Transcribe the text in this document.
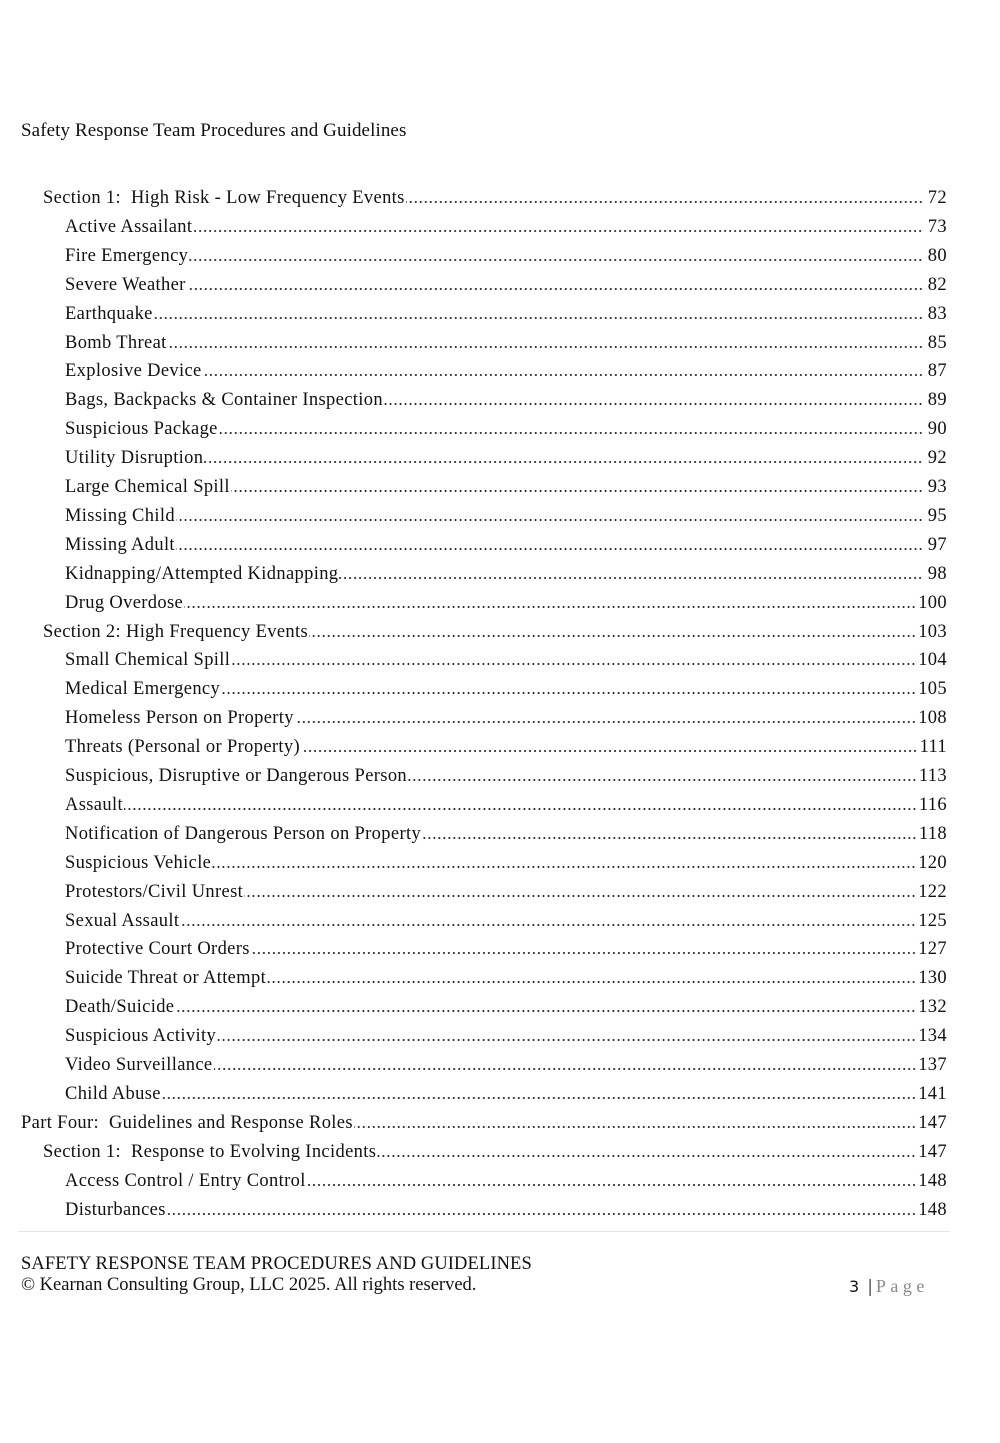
Safety Response Team Procedures and Guidelines
Section 1:  High Risk - Low Frequency Events	72
Active Assailant	73
Fire Emergency	80
Severe Weather	82
Earthquake	83
Bomb Threat	85
Explosive Device	87
Bags, Backpacks & Container Inspection	89
Suspicious Package	90
Utility Disruption	92
Large Chemical Spill	93
Missing Child	95
Missing Adult	97
Kidnapping/Attempted Kidnapping	98
Drug Overdose	100
Section 2: High Frequency Events	103
Small Chemical Spill	104
Medical Emergency	105
Homeless Person on Property	108
Threats (Personal or Property)	111
Suspicious, Disruptive or Dangerous Person	113
Assault	116
Notification of Dangerous Person on Property	118
Suspicious Vehicle	120
Protestors/Civil Unrest	122
Sexual Assault	125
Protective Court Orders	127
Suicide Threat or Attempt	130
Death/Suicide	132
Suspicious Activity	134
Video Surveillance	137
Child Abuse	141
Part Four:  Guidelines and Response Roles	147
Section 1:  Response to Evolving Incidents	147
Access Control / Entry Control	148
Disturbances	148
SAFETY RESPONSE TEAM PROCEDURES AND GUIDELINES
© Kearnan Consulting Group, LLC 2025. All rights reserved.	3 | Page
